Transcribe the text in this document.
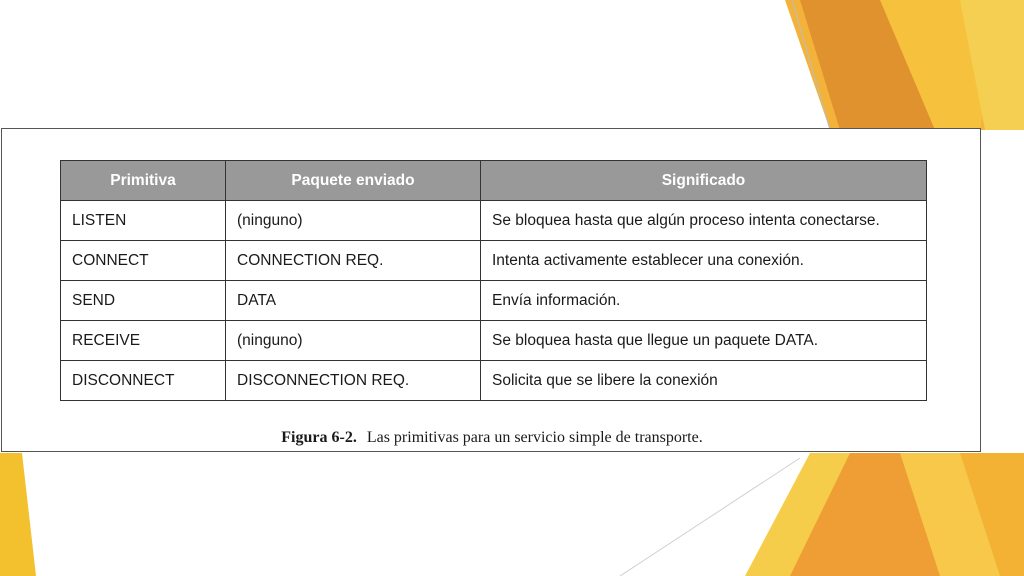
Primitiva	Paquete enviado	Significado
LISTEN	(ninguno)	Se bloquea hasta que algún proceso intenta conectarse.
CONNECT	CONNECTION REQ.	Intenta activamente establecer una conexión.
SEND	DATA	Envía información.
RECEIVE	(ninguno)	Se bloquea hasta que llegue un paquete DATA.
DISCONNECT	DISCONNECTION REQ.	Solicita que se libere la conexión
Figura 6-2. Las primitivas para un servicio simple de transporte.
